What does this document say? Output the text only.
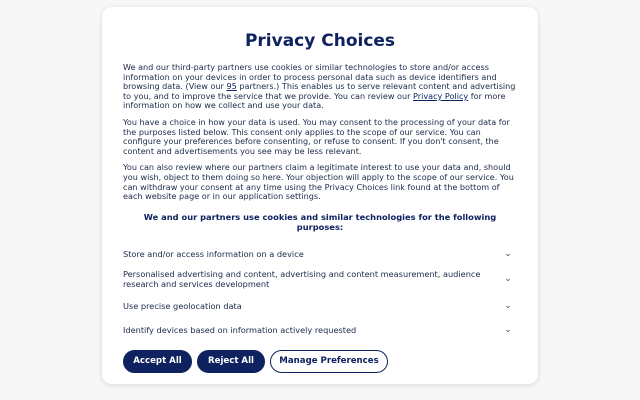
Privacy Choices

We and our third-party partners use cookies or similar technologies to store and/or access information on your devices in order to process personal data such as device identifiers and browsing data. (View our 95 partners.) This enables us to serve relevant content and advertising to you, and to improve the service that we provide. You can review our Privacy Policy for more information on how we collect and use your data.

You have a choice in how your data is used. You may consent to the processing of your data for the purposes listed below. This consent only applies to the scope of our service. You can configure your preferences before consenting, or refuse to consent. If you don't consent, the content and advertisements you see may be less relevant.

You can also review where our partners claim a legitimate interest to use your data and, should you wish, object to them doing so here. Your objection will apply to the scope of our service. You can withdraw your consent at any time using the Privacy Choices link found at the bottom of each website page or in our application settings.

We and our partners use cookies and similar technologies for the following purposes:
Store and/or access information on a device	⌄
Personalised advertising and content, advertising and content measurement, audience research and services development	⌄
Use precise geolocation data	⌄
Identify devices based on information actively requested	⌄
Accept All	Reject All	Manage Preferences
